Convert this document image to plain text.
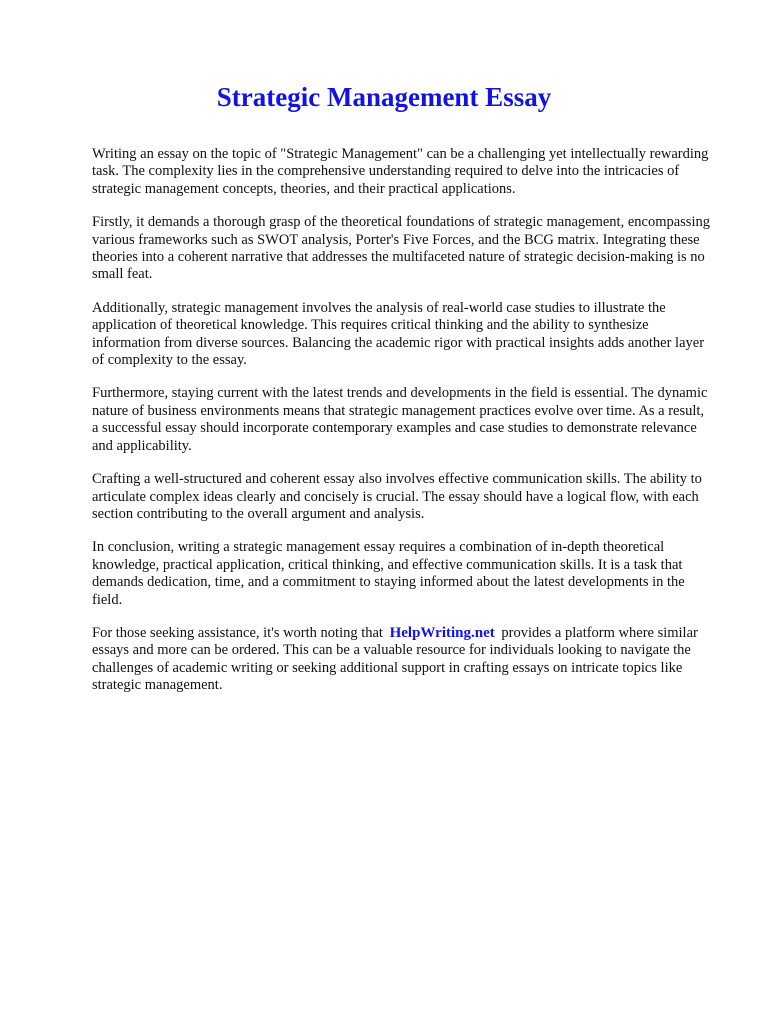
Strategic Management Essay

Writing an essay on the topic of "Strategic Management" can be a challenging yet intellectually rewarding task. The complexity lies in the comprehensive understanding required to delve into the intricacies of strategic management concepts, theories, and their practical applications.

Firstly, it demands a thorough grasp of the theoretical foundations of strategic management, encompassing various frameworks such as SWOT analysis, Porter's Five Forces, and the BCG matrix. Integrating these theories into a coherent narrative that addresses the multifaceted nature of strategic decision-making is no small feat.

Additionally, strategic management involves the analysis of real-world case studies to illustrate the application of theoretical knowledge. This requires critical thinking and the ability to synthesize information from diverse sources. Balancing the academic rigor with practical insights adds another layer of complexity to the essay.

Furthermore, staying current with the latest trends and developments in the field is essential. The dynamic nature of business environments means that strategic management practices evolve over time. As a result, a successful essay should incorporate contemporary examples and case studies to demonstrate relevance and applicability.

Crafting a well-structured and coherent essay also involves effective communication skills. The ability to articulate complex ideas clearly and concisely is crucial. The essay should have a logical flow, with each section contributing to the overall argument and analysis.

In conclusion, writing a strategic management essay requires a combination of in-depth theoretical knowledge, practical application, critical thinking, and effective communication skills. It is a task that demands dedication, time, and a commitment to staying informed about the latest developments in the field.

For those seeking assistance, it's worth noting that HelpWriting.net provides a platform where similar essays and more can be ordered. This can be a valuable resource for individuals looking to navigate the challenges of academic writing or seeking additional support in crafting essays on intricate topics like strategic management.
